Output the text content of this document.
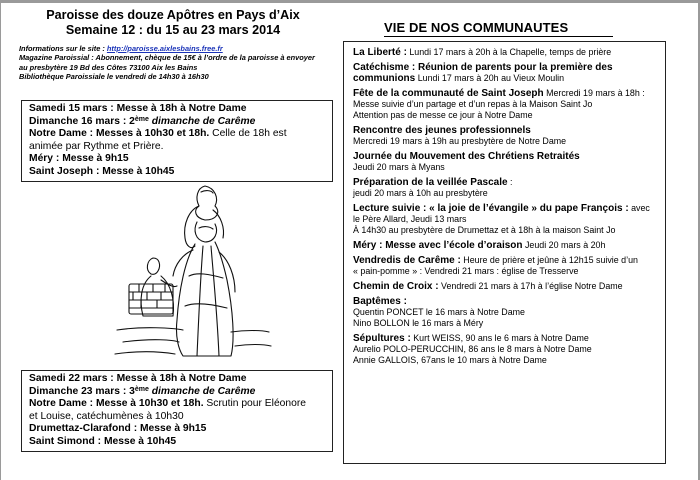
Paroisse des douze Apôtres en Pays d’Aix
Semaine 12 : du 15 au 23 mars 2014
Informations sur le site : http://paroisse.aixlesbains.free.fr
Magazine Paroissial : Abonnement, chèque de 15€ à l’ordre de la paroisse à envoyer
au presbytère 19 Bd des Côtes 73100 Aix les Bains
Bibliothèque Paroissiale le vendredi de 14h30 à 16h30
Samedi 15 mars : Messe à 18h à Notre Dame
Dimanche 16 mars : 2ème dimanche de Carême
Notre Dame : Messes à 10h30 et 18h. Celle de 18h est
animée par Rythme et Prière.
Méry : Messe à 9h15
Saint Joseph : Messe à 10h45
Samedi 22 mars : Messe à 18h à Notre Dame
Dimanche 23 mars : 3ème dimanche de Carême
Notre Dame : Messe à 10h30 et 18h. Scrutin pour Eléonore
et Louise, catéchumènes à 10h30
Drumettaz-Clarafond : Messe à 9h15
Saint Simond : Messe à 10h45
VIE DE NOS COMMUNAUTES
La Liberté : Lundi 17 mars à 20h à la Chapelle, temps de prière
Catéchisme : Réunion de parents pour la première des communions Lundi 17 mars à 20h au Vieux Moulin
Fête de la communauté de Saint Joseph Mercredi 19 mars à 18h :
Messe suivie d’un partage et d’un repas à la Maison Saint Jo
Attention pas de messe ce jour à Notre Dame
Rencontre des jeunes professionnels
Mercredi 19 mars à 19h au presbytère de Notre Dame
Journée du Mouvement des Chrétiens Retraités
Jeudi 20 mars à Myans
Préparation de la veillée Pascale :
jeudi 20 mars à 10h au presbytère
Lecture suivie : « la joie de l’évangile » du pape François : avec
le Père Allard, Jeudi 13 mars
À 14h30 au presbytère de Drumettaz et à 18h à la maison Saint Jo
Méry : Messe avec l’école d’oraison Jeudi 20 mars à 20h
Vendredis de Carême : Heure de prière et jeûne à 12h15 suivie d’un
« pain-pomme » : Vendredi 21 mars : église de Tresserve
Chemin de Croix : Vendredi 21 mars à 17h à l’église Notre Dame
Baptêmes :
Quentin PONCET le 16 mars à Notre Dame
Nino BOLLON le 16 mars à Méry
Sépultures : Kurt WEISS, 90 ans le 6 mars à Notre Dame
Aurelio POLO-PERUCCHIN, 86 ans le 8 mars à Notre Dame
Annie GALLOIS, 67ans le 10 mars à Notre Dame
